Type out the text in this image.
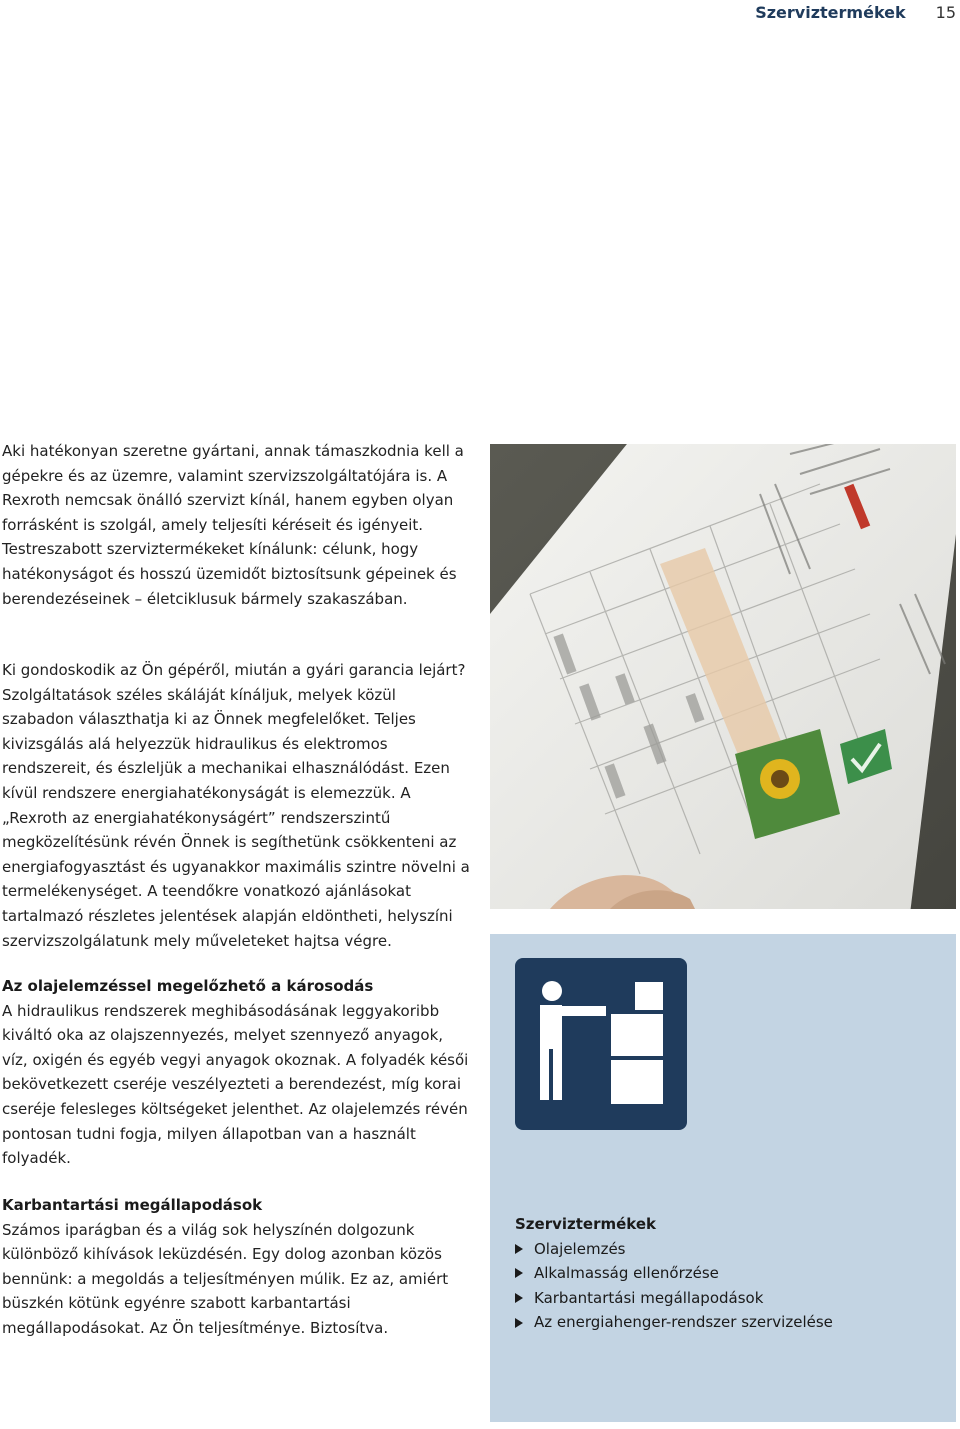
Szerviztermékek 15

Aki hatékonyan szeretne gyártani, annak támaszkodnia kell a gépekre és az üzemre, valamint szervizszolgáltatójára is. A Rexroth nemcsak önálló szervizt kínál, hanem egyben olyan forrásként is szolgál, amely teljesíti kéréseit és igényeit. Testreszabott szerviztermékeket kínálunk: célunk, hogy hatékonyságot és hosszú üzemidőt biztosítsunk gépeinek és berendezéseinek – életciklusuk bármely szakaszában.

Ki gondoskodik az Ön gépéről, miután a gyári garancia lejárt? Szolgáltatások széles skáláját kínáljuk, melyek közül szabadon választhatja ki az Önnek megfelelőket. Teljes kivizsgálás alá helyezzük hidraulikus és elektromos rendszereit, és észleljük a mechanikai elhasználódást. Ezen kívül rendszere energiahatékonyságát is elemezzük. A „Rexroth az energiahatékonyságért” rendszerszintű megközelítésünk révén Önnek is segíthetünk csökkenteni az energiafogyasztást és ugyanakkor maximális szintre növelni a termelékenységet. A teendőkre vonatkozó ajánlásokat tartalmazó részletes jelentések alapján eldöntheti, helyszíni szervizszolgálatunk mely műveleteket hajtsa végre.

Az olajelemzéssel megelőzhető a károsodás

A hidraulikus rendszerek meghibásodásának leggyakoribb kiváltó oka az olajszennyezés, melyet szennyező anyagok, víz, oxigén és egyéb vegyi anyagok okoznak. A folyadék késői bekövetkezett cseréje veszélyezteti a berendezést, míg korai cseréje felesleges költségeket jelenthet. Az olajelemzés révén pontosan tudni fogja, milyen állapotban van a használt folyadék.

Karbantartási megállapodások

Számos iparágban és a világ sok helyszínén dolgozunk különböző kihívások leküzdésén. Egy dolog azonban közös bennünk: a megoldás a teljesítményen múlik. Ez az, amiért büszkén kötünk egyénre szabott karbantartási megállapodásokat. Az Ön teljesítménye. Biztosítva.

Szerviztermékek
Olajelemzés
Alkalmasság ellenőrzése
Karbantartási megállapodások
Az energiahenger-rendszer szervizelése
